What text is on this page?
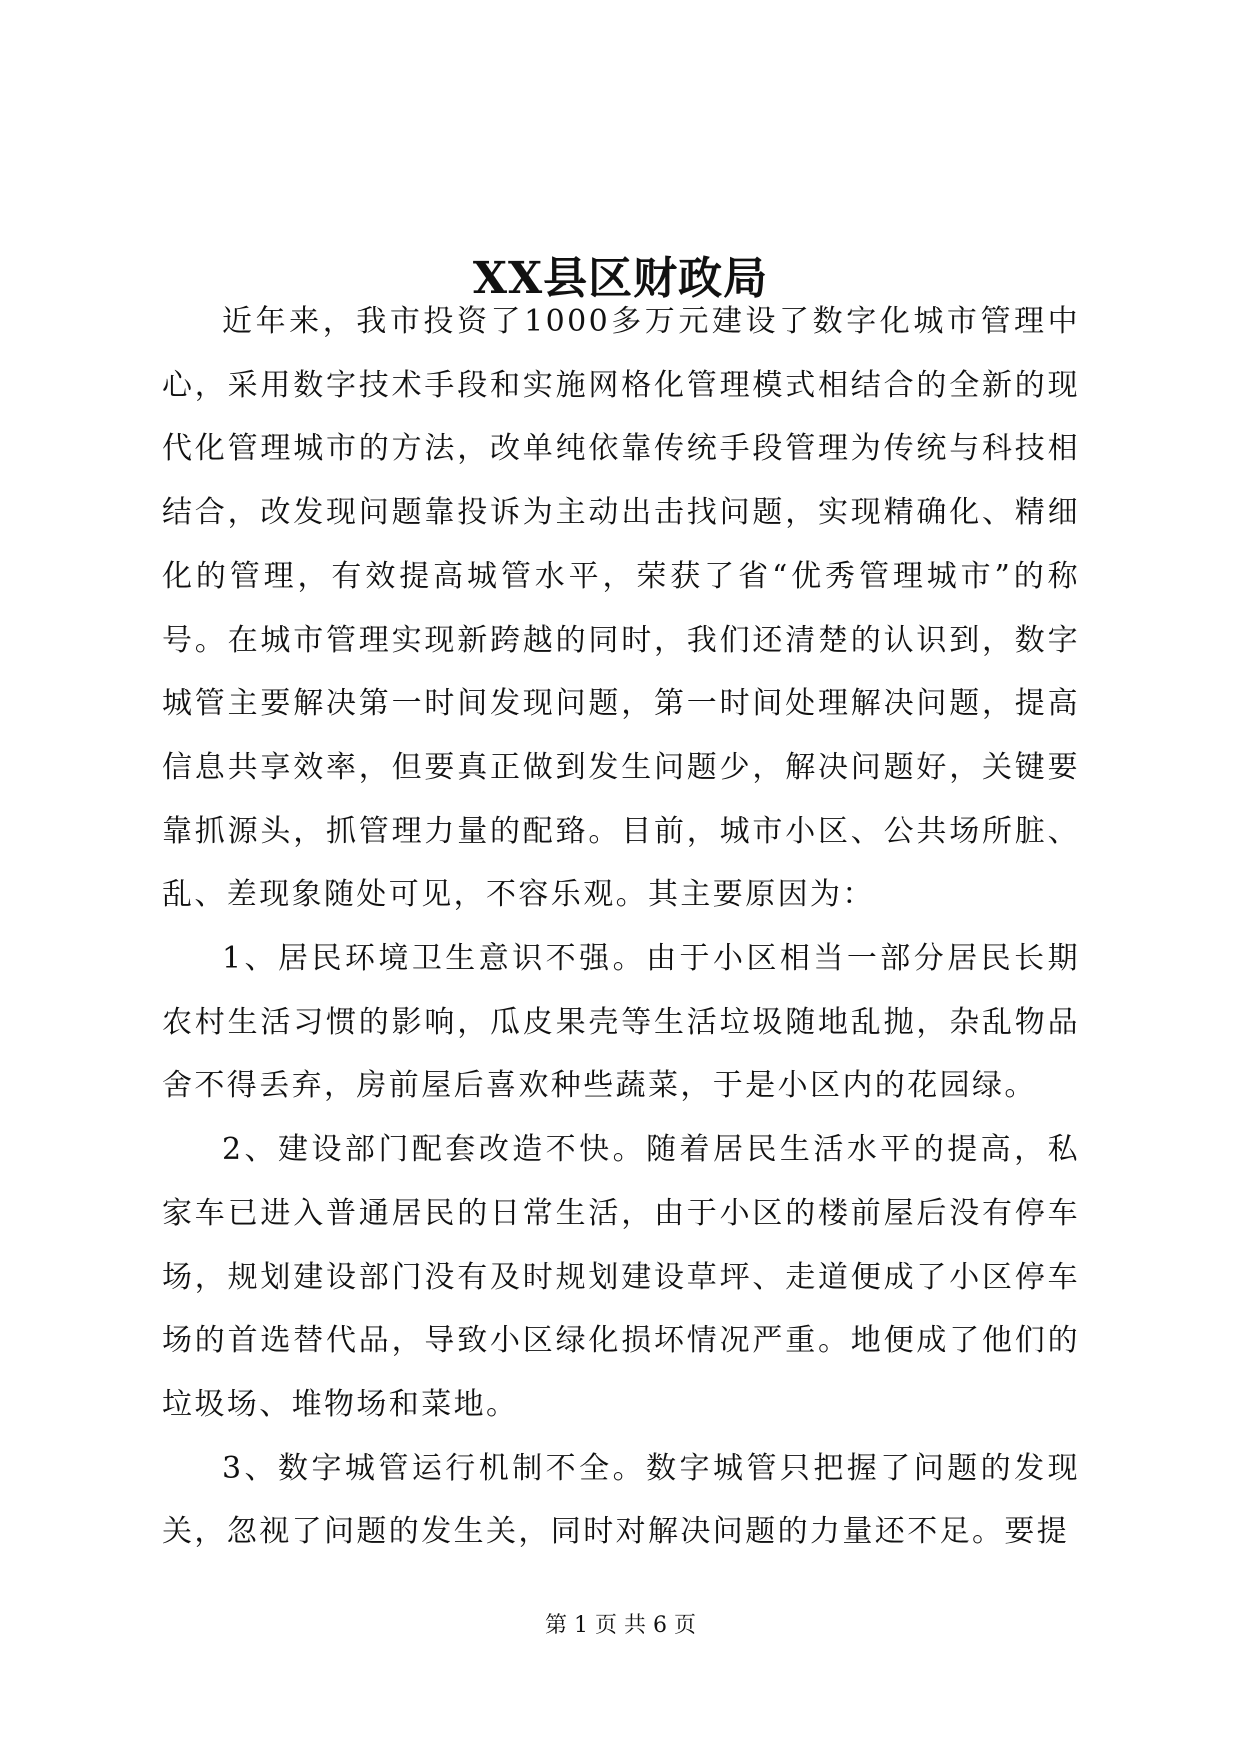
XX县区财政局

近年来，我市投资了1000多万元建设了数字化城市管理中心，采用数字技术手段和实施网格化管理模式相结合的全新的现代化管理城市的方法，改单纯依靠传统手段管理为传统与科技相结合，改发现问题靠投诉为主动出击找问题，实现精确化、精细化的管理，有效提高城管水平，荣获了省“优秀管理城市”的称号。在城市管理实现新跨越的同时，我们还清楚的认识到，数字城管主要解决第一时间发现问题，第一时间处理解决问题，提高信息共享效率，但要真正做到发生问题少，解决问题好，关键要靠抓源头，抓管理力量的配臵。目前，城市小区、公共场所脏、乱、差现象随处可见，不容乐观。其主要原因为：

1、居民环境卫生意识不强。由于小区相当一部分居民长期农村生活习惯的影响，瓜皮果壳等生活垃圾随地乱抛，杂乱物品舍不得丢弃，房前屋后喜欢种些蔬菜，于是小区内的花园绿。

2、建设部门配套改造不快。随着居民生活水平的提高，私家车已进入普通居民的日常生活，由于小区的楼前屋后没有停车场，规划建设部门没有及时规划建设草坪、走道便成了小区停车场的首选替代品，导致小区绿化损坏情况严重。地便成了他们的垃圾场、堆物场和菜地。

3、数字城管运行机制不全。数字城管只把握了问题的发现关，忽视了问题的发生关，同时对解决问题的力量还不足。要提

第 1 页 共 6 页
